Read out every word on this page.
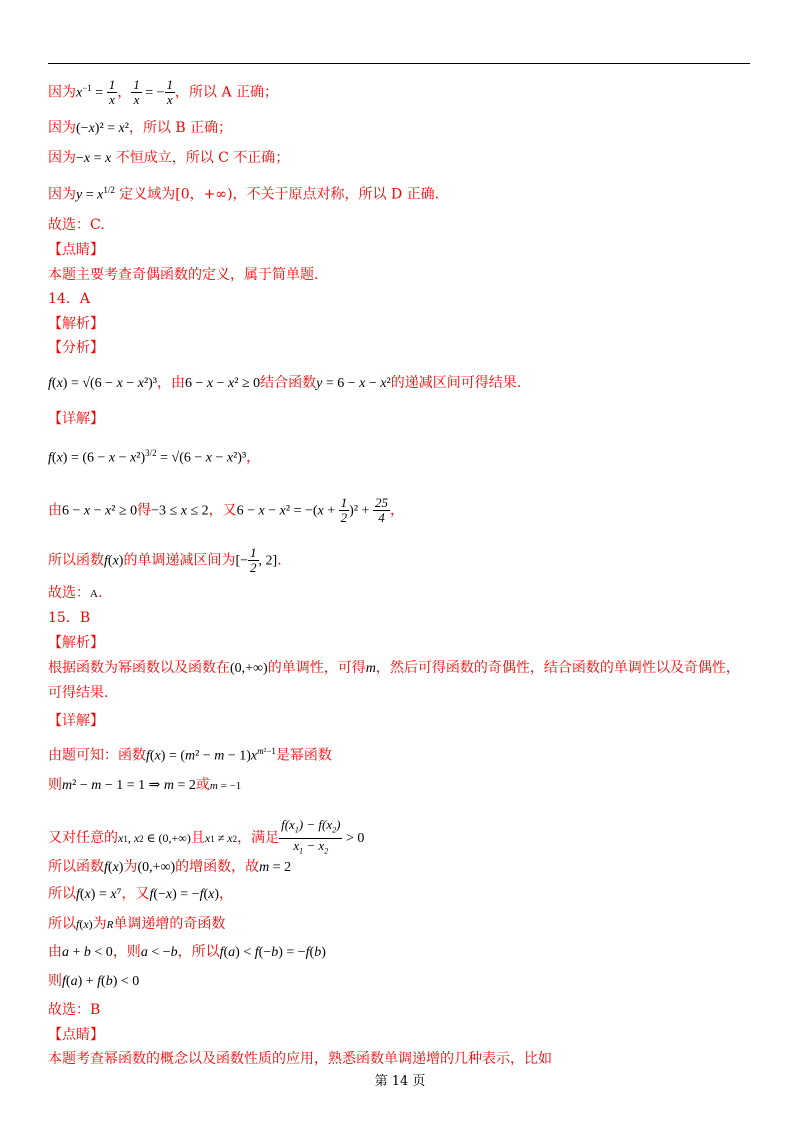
因为$x^{-1} = \frac{1}{x}$ ， $\frac{1}{x}$ = − $\frac{1}{x}$ ，所以 A 正确；
因为(−x)² = x²，所以 B 正确；
因为−x = x 不恒成立，所以 C 不正确；
因为$y = x^{1/2}$ 定义域为[0，+∞)，不关于原点对称，所以 D 正确.
故选：C.
【点睛】
本题主要考查奇偶函数的定义，属于简单题.
14．A
【解析】
【分析】
f(x) = √(6 − x − x²)³，由6 − x − x² ≥ 0结合函数y = 6 − x − x²的递减区间可得结果.
【详解】
$f(x) = (6 - x - x^2)^{3/2} = √(6 - x - x^2)^3$，
由6 − x − x² ≥ 0得−3 ≤ x ≤ 2，又$6 - x - x^2 = -(x + \frac{1}{2} )^2 + \frac{25}{4}$ ，
所以函数f(x)的单调递减区间为[− $\frac{1}{2}$ , 2].
故选：A.
15．B
【解析】
根据函数为幂函数以及函数在(0,+∞)的单调性，可得m，然后可得函数的奇偶性，结合函数的单调性以及奇偶性，
可得结果.
【详解】
由题可知：函数$f(x) = (m^2 - m - 1)x^{m^2-1}$是幂函数
则m² − m − 1 = 1 ⇒ m = 2或m = −1
又对任意的x1, x2 ∈ (0,+∞)且x1 ≠ x2，满足 $\frac{f(x_1) - f(x_2)}{x_1 - x_2} > 0$
所以函数f(x)为(0,+∞)的增函数，故m = 2
所以f(x) = x⁷，又f(−x) = −f(x)，
所以f(x)为R单调递增的奇函数
由a + b < 0，则a < −b，所以f(a) < f(−b) = −f(b)
则f(a) + f(b) < 0
故选：B
【点睛】
本题考查幂函数的概念以及函数性质的应用，熟悉函数单调递增的几种表示，比如
第 14 页
